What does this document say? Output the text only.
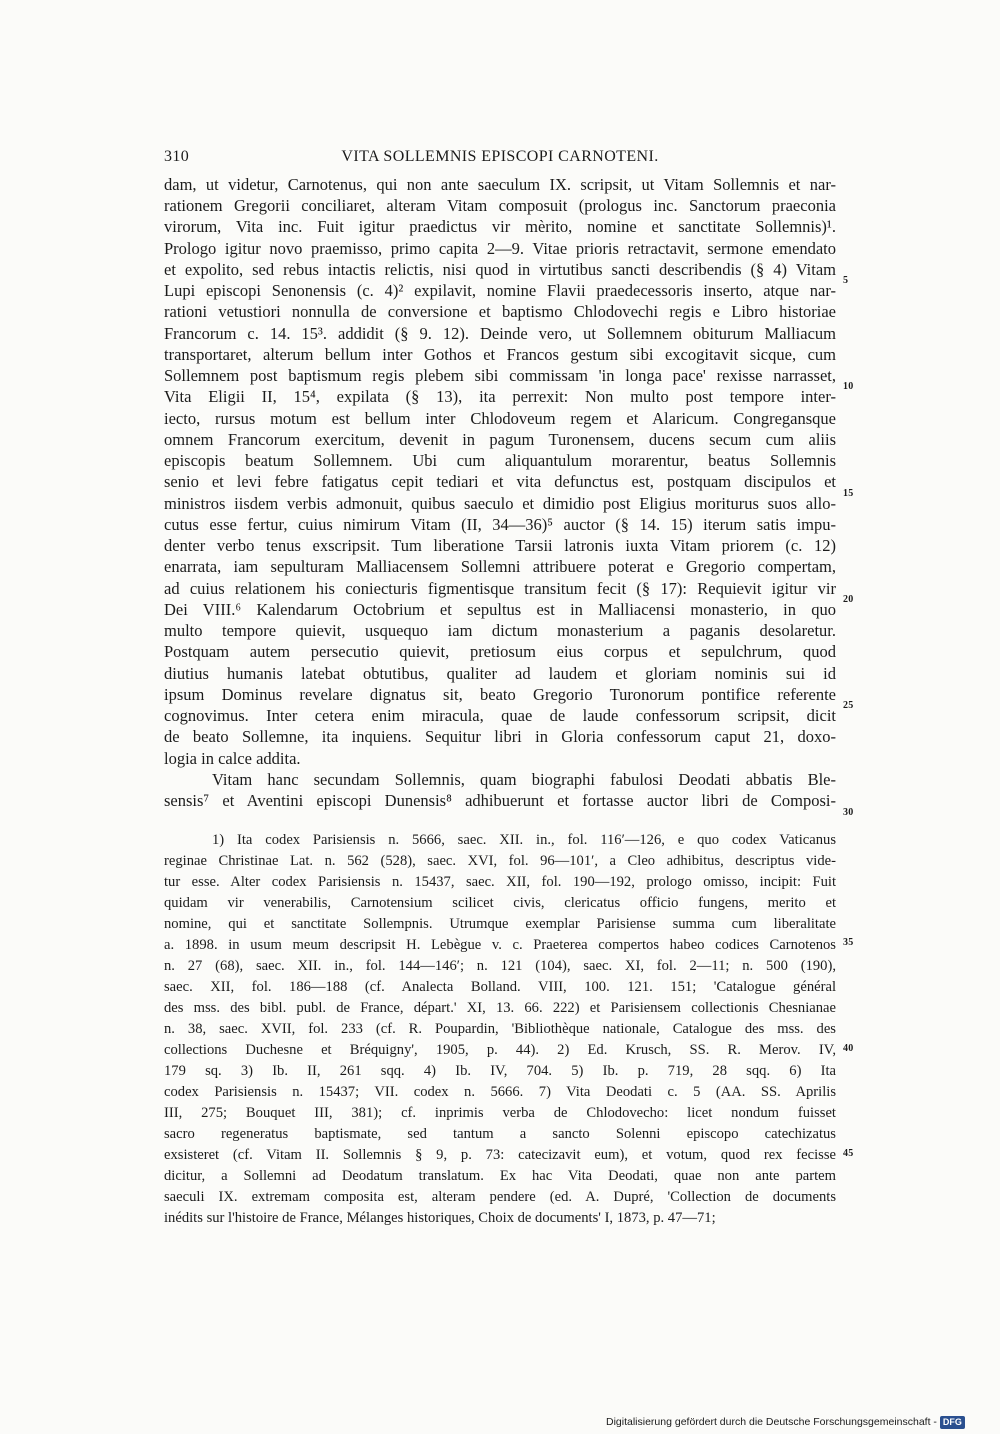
310	VITA SOLLEMNIS EPISCOPI CARNOTENI.
dam, ut videtur, Carnotenus, qui non ante saeculum IX. scripsit, ut Vitam Sollemnis et nar-
rationem Gregorii conciliaret, alteram Vitam composuit (prologus inc. Sanctorum praeconia
virorum, Vita inc. Fuit igitur praedictus vir mèrito, nomine et sanctitate Sollemnis)¹.
Prologo igitur novo praemisso, primo capita 2—9. Vitae prioris retractavit, sermone emendato
et expolito, sed rebus intactis relictis, nisi quod in virtutibus sancti describendis (§ 4) Vitam
Lupi episcopi Senonensis (c. 4)² expilavit, nomine Flavii praedecessoris inserto, atque nar-
rationi vetustiori nonnulla de conversione et baptismo Chlodovechi regis e Libro historiae
Francorum c. 14. 15³. addidit (§ 9. 12). Deinde vero, ut Sollemnem obiturum Malliacum
transportaret, alterum bellum inter Gothos et Francos gestum sibi excogitavit sicque, cum
Sollemnem post baptismum regis plebem sibi commissam 'in longa pace' rexisse narrasset,
Vita Eligii II, 15⁴, expilata (§ 13), ita perrexit: Non multo post tempore inter-
iecto, rursus motum est bellum inter Chlodoveum regem et Alaricum. Congregansque
omnem Francorum exercitum, devenit in pagum Turonensem, ducens secum cum aliis
episcopis beatum Sollemnem. Ubi cum aliquantulum morarentur, beatus Sollemnis
senio et levi febre fatigatus cepit tediari et vita defunctus est, postquam discipulos et
ministros iisdem verbis admonuit, quibus saeculo et dimidio post Eligius moriturus suos allo-
cutus esse fertur, cuius nimirum Vitam (II, 34—36)⁵ auctor (§ 14. 15) iterum satis impu-
denter verbo tenus exscripsit. Tum liberatione Tarsii latronis iuxta Vitam priorem (c. 12)
enarrata, iam sepulturam Malliacensem Sollemni attribuere poterat e Gregorio compertam,
ad cuius relationem his coniecturis figmentisque transitum fecit (§ 17): Requievit igitur vir
Dei VIII.⁶ Kalendarum Octobrium et sepultus est in Malliacensi monasterio, in quo
multo tempore quievit, usquequo iam dictum monasterium a paganis desolaretur.
Postquam autem persecutio quievit, pretiosum eius corpus et sepulchrum, quod
diutius humanis latebat obtutibus, qualiter ad laudem et gloriam nominis sui id
ipsum Dominus revelare dignatus sit, beato Gregorio Turonorum pontifice referente
cognovimus. Inter cetera enim miracula, quae de laude confessorum scripsit, dicit
de beato Sollemne, ita inquiens. Sequitur libri in Gloria confessorum caput 21, doxo-
logia in calce addita.
Vitam hanc secundam Sollemnis, quam biographi fabulosi Deodati abbatis Ble-
sensis⁷ et Aventini episcopi Dunensis⁸ adhibuerunt et fortasse auctor libri de Composi-
1) Ita codex Parisiensis n. 5666, saec. XII. in., fol. 116′—126, e quo codex Vaticanus
reginae Christinae Lat. n. 562 (528), saec. XVI, fol. 96—101′, a Cleo adhibitus, descriptus vide-
tur esse. Alter codex Parisiensis n. 15437, saec. XII, fol. 190—192, prologo omisso, incipit: Fuit
quidam vir venerabilis, Carnotensium scilicet civis, clericatus officio fungens, merito et
nomine, qui et sanctitate Sollempnis. Utrumque exemplar Parisiense summa cum liberalitate
a. 1898. in usum meum descripsit H. Lebègue v. c. Praeterea compertos habeo codices Carnotenos
n. 27 (68), saec. XII. in., fol. 144—146′; n. 121 (104), saec. XI, fol. 2—11; n. 500 (190),
saec. XII, fol. 186—188 (cf. Analecta Bolland. VIII, 100. 121. 151; 'Catalogue général
des mss. des bibl. publ. de France, départ.' XI, 13. 66. 222) et Parisiensem collectionis Chesnianae
n. 38, saec. XVII, fol. 233 (cf. R. Poupardin, 'Bibliothèque nationale, Catalogue des mss. des
collections Duchesne et Bréquigny', 1905, p. 44). 2) Ed. Krusch, SS. R. Merov. IV,
179 sq. 3) Ib. II, 261 sqq. 4) Ib. IV, 704. 5) Ib. p. 719, 28 sqq. 6) Ita
codex Parisiensis n. 15437; VII. codex n. 5666. 7) Vita Deodati c. 5 (AA. SS. Aprilis
III, 275; Bouquet III, 381); cf. inprimis verba de Chlodovecho: licet nondum fuisset
sacro regeneratus baptismate, sed tantum a sancto Solenni episcopo catechizatus
exsisteret (cf. Vitam II. Sollemnis § 9, p. 73: catecizavit eum), et votum, quod rex fecisse
dicitur, a Sollemni ad Deodatum translatum. Ex hac Vita Deodati, quae non ante partem
saeculi IX. extremam composita est, alteram pendere (ed. A. Dupré, 'Collection de documents
inédits sur l'histoire de France, Mélanges historiques, Choix de documents' I, 1873, p. 47—71;
5
10
15
20
25
30
35
40
45
Digitalisierung gefördert durch die Deutsche Forschungsgemeinschaft - DFG
